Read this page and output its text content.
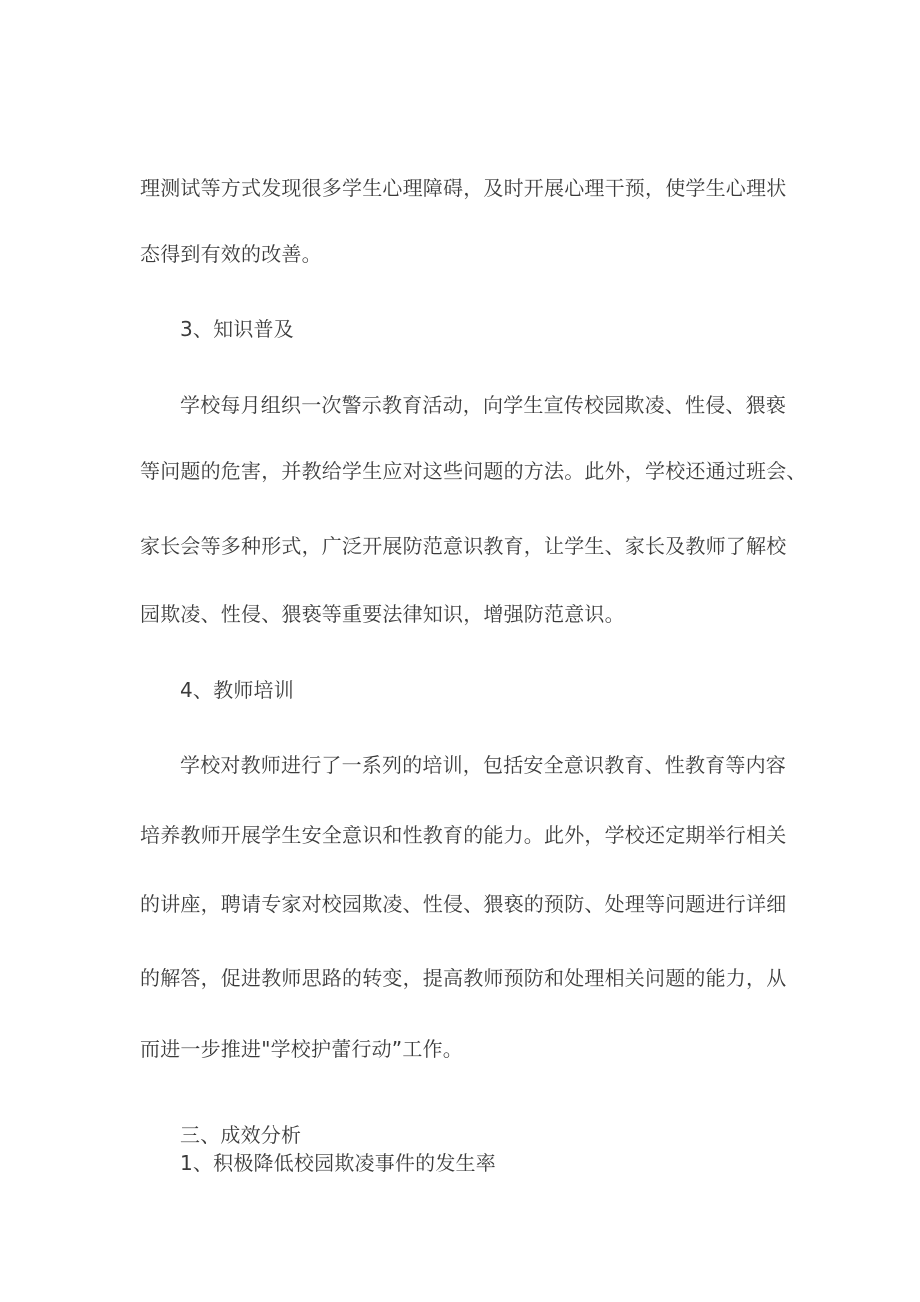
理测试等方式发现很多学生心理障碍，及时开展心理干预，使学生心理状
态得到有效的改善。
3、知识普及
学校每月组织一次警示教育活动，向学生宣传校园欺凌、性侵、猥亵
等问题的危害，并教给学生应对这些问题的方法。此外，学校还通过班会、
家长会等多种形式，广泛开展防范意识教育，让学生、家长及教师了解校
园欺凌、性侵、猥亵等重要法律知识，增强防范意识。
4、教师培训
学校对教师进行了一系列的培训，包括安全意识教育、性教育等内容
培养教师开展学生安全意识和性教育的能力。此外，学校还定期举行相关
的讲座，聘请专家对校园欺凌、性侵、猥亵的预防、处理等问题进行详细
的解答，促进教师思路的转变，提高教师预防和处理相关问题的能力，从
而进一步推进"学校护蕾行动”工作。
三、成效分析
1、积极降低校园欺凌事件的发生率
